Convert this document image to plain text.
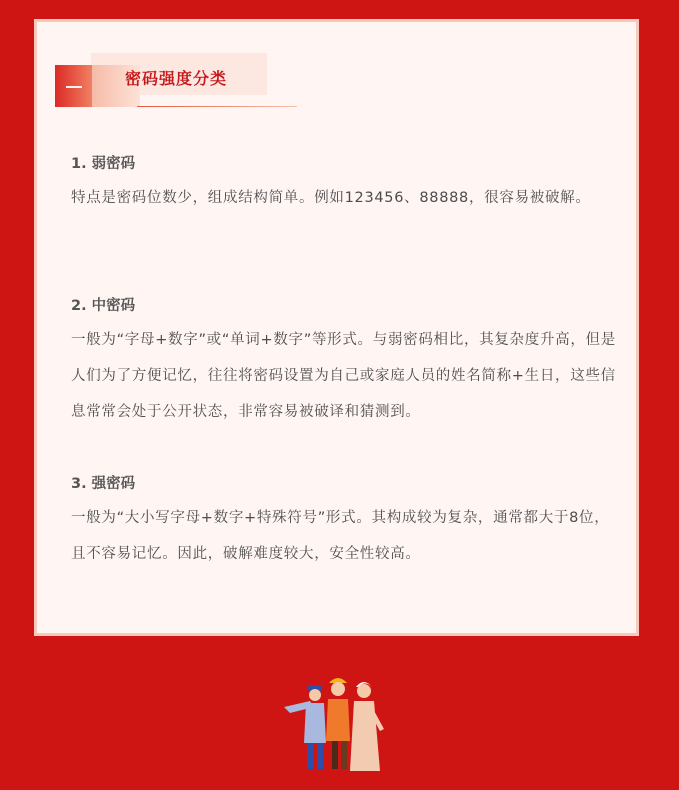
密码强度分类

1. 弱密码

特点是密码位数少，组成结构简单。例如123456、88888，很容易被破解。

2. 中密码

一般为“字母+数字”或“单词+数字”等形式。与弱密码相比，其复杂度升高，但是人们为了方便记忆，往往将密码设置为自己或家庭人员的姓名简称+生日，这些信息常常会处于公开状态，非常容易被破译和猜测到。

3. 强密码

一般为“大小写字母+数字+特殊符号”形式。其构成较为复杂，通常都大于8位，且不容易记忆。因此，破解难度较大，安全性较高。
